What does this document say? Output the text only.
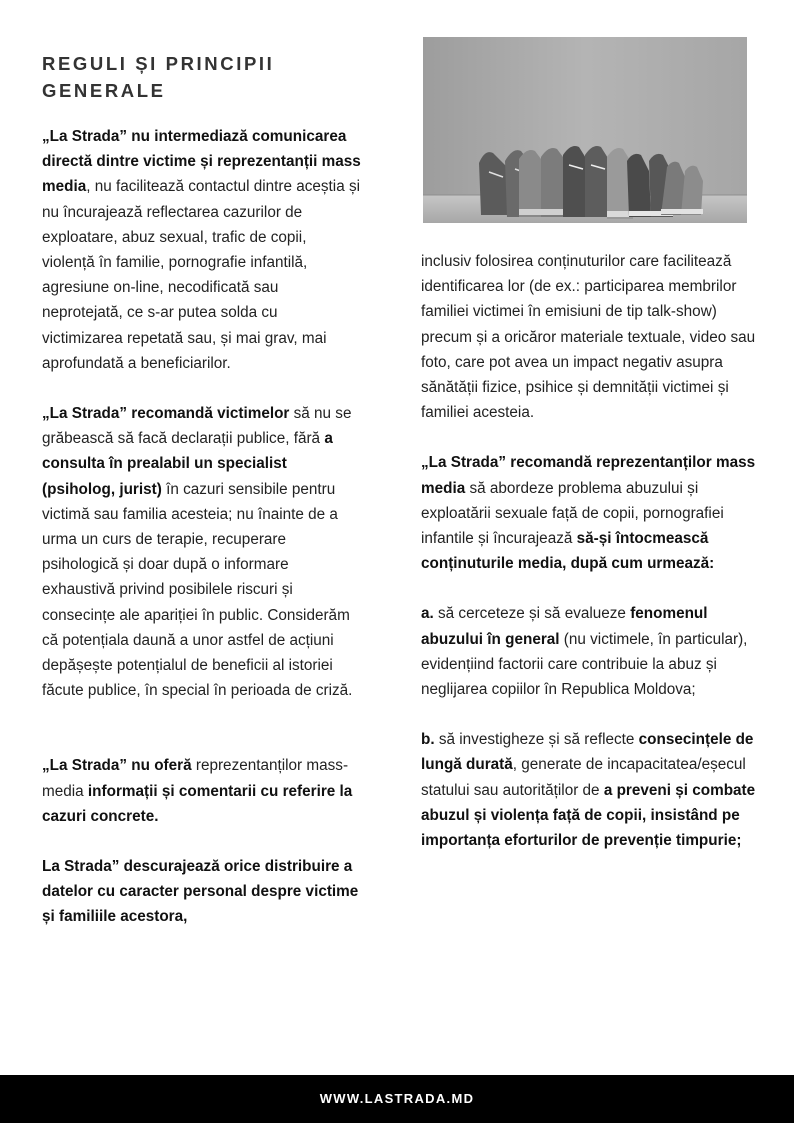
REGULI ȘI PRINCIPII
GENERALE

„La Strada” nu intermediază comunicarea directă dintre victime și reprezentanții mass media, nu facilitează contactul dintre aceștia și nu încurajează reflectarea cazurilor de exploatare, abuz sexual, trafic de copii, violență în familie, pornografie infantilă, agresiune on-line, necodificată sau neprotejată, ce s-ar putea solda cu victimizarea repetată sau, și mai grav, mai aprofundată a beneficiarilor.

„La Strada” recomandă victimelor să nu se grăbească să facă declarații publice, fără a consulta în prealabil un specialist (psiholog, jurist) în cazuri sensibile pentru victimă sau familia acesteia; nu înainte de a urma un curs de terapie, recuperare psihologică și doar după o informare exhaustivă privind posibilele riscuri și consecințe ale apariției în public. Considerăm că potențiala daună a unor astfel de acțiuni depășește potențialul de beneficii al istoriei făcute publice, în special în perioada de criză.

„La Strada” nu oferă reprezentanților mass-media informații și comentarii cu referire la cazuri concrete.

La Strada” descurajează orice distribuire a datelor cu caracter personal despre victime și familiile acestora,

inclusiv folosirea conținuturilor care facilitează identificarea lor (de ex.: participarea membrilor familiei victimei în emisiuni de tip talk-show) precum și a oricăror materiale textuale, video sau foto, care pot avea un impact negativ asupra sănătății fizice, psihice și demnității victimei și familiei acesteia.

„La Strada” recomandă reprezentanților mass media să abordeze problema abuzului și exploatării sexuale față de copii, pornografiei infantile și încurajează să-și întocmească conținuturile media, după cum urmează:

a. să cerceteze și să evalueze fenomenul abuzului în general (nu victimele, în particular), evidențiind factorii care contribuie la abuz și neglijarea copiilor în Republica Moldova;

b. să investigheze și să reflecte consecințele de lungă durată, generate de incapacitatea/eșecul statului sau autorităților de a preveni și combate abuzul și violența față de copii, insistând pe importanța eforturilor de prevenție timpurie;

WWW.LASTRADA.MD
